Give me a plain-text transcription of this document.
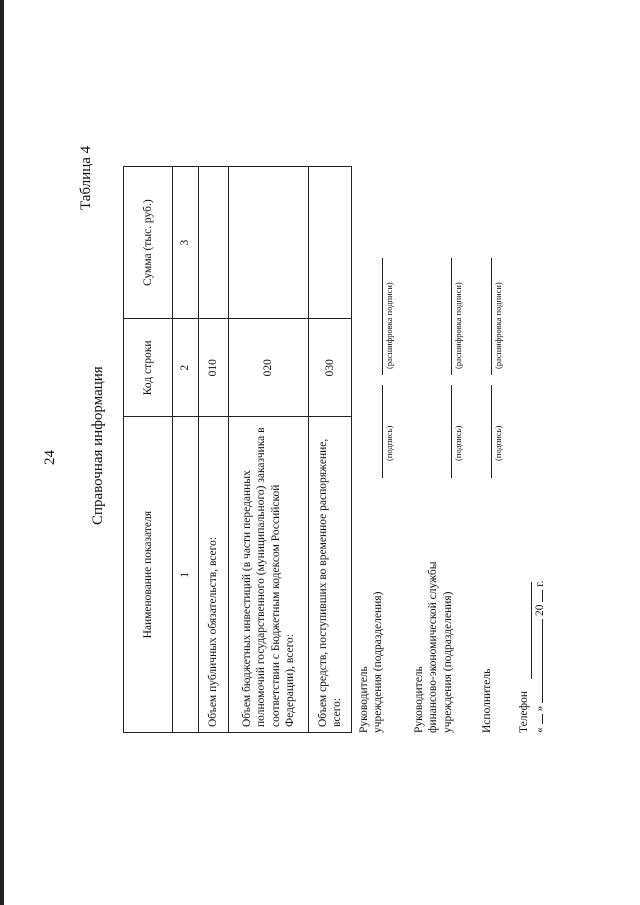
24
Таблица 4
Справочная информация
Наименование показателя	Код строки	Сумма (тыс. руб.)
1	2	3
Объем публичных обязательств, всего:	010	
Объем бюджетных инвестиций (в части переданных полномочий государственного (муниципального) заказчика в соответствии с Бюджетным кодексом Российской Федерации), всего:	020	
Объем средств, поступивших во временное распоряжение, всего:	030	
Руководитель учреждения (подразделения)
(подпись)
(расшифровка подписи)
Руководитель финансово-экономической службы учреждения (подразделения)
(подпись)
(расшифровка подписи)
Исполнитель
(подпись)
(расшифровка подписи)
Телефон «  »  20  г.
